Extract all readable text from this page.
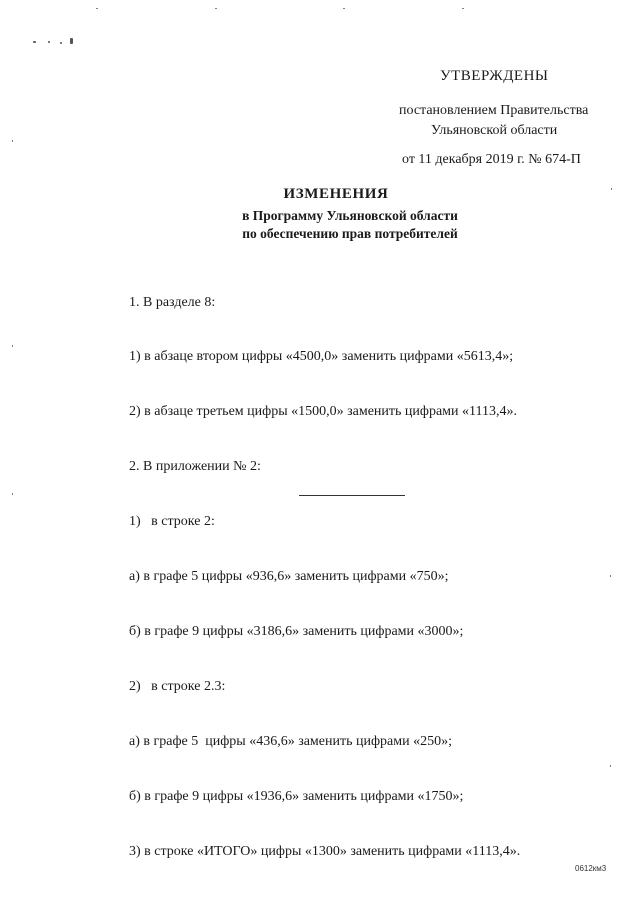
УТВЕРЖДЕНЫ
постановлением Правительства
Ульяновской области
от 11 декабря 2019 г. № 674-П
ИЗМЕНЕНИЯ
в Программу Ульяновской области
по обеспечению прав потребителей

1. В разделе 8:

1) в абзаце втором цифры «4500,0» заменить цифрами «5613,4»;

2) в абзаце третьем цифры «1500,0» заменить цифрами «1113,4».

2. В приложении № 2:

1)   в строке 2:

а) в графе 5 цифры «936,6» заменить цифрами «750»;

б) в графе 9 цифры «3186,6» заменить цифрами «3000»;

2)   в строке 2.3:

а) в графе 5  цифры «436,6» заменить цифрами «250»;

б) в графе 9 цифры «1936,6» заменить цифрами «1750»;

3) в строке «ИТОГО» цифры «1300» заменить цифрами «1113,4».

0612км3
